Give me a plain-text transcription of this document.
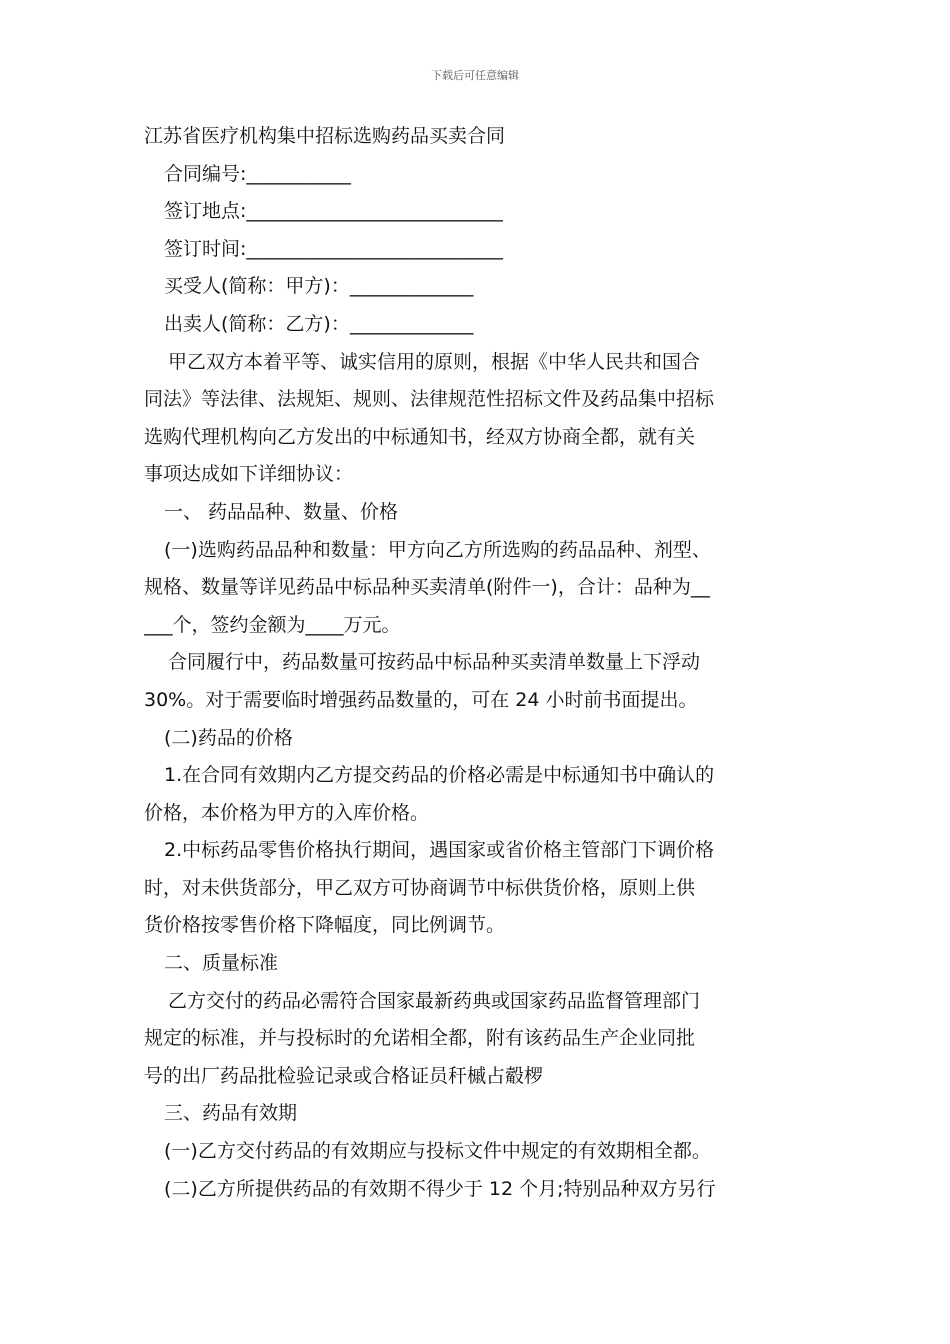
下载后可任意编辑
江苏省医疗机构集中招标选购药品买卖合同
合同编号:___________
签订地点:___________________________
签订时间:___________________________
买受人(简称：甲方)：_____________
出卖人(简称：乙方)：_____________
甲乙双方本着平等、诚实信用的原则，根据《中华人民共和国合
同法》等法律、法规矩、规则、法律规范性招标文件及药品集中招标
选购代理机构向乙方发出的中标通知书，经双方协商全都，就有关
事项达成如下详细协议：
一、 药品品种、数量、价格
(一)选购药品品种和数量：甲方向乙方所选购的药品品种、剂型、
规格、数量等详见药品中标品种买卖清单(附件一)，合计：品种为__
___个，签约金额为____万元。
合同履行中，药品数量可按药品中标品种买卖清单数量上下浮动
30%。对于需要临时增强药品数量的，可在 24 小时前书面提出。
(二)药品的价格
1.在合同有效期内乙方提交药品的价格必需是中标通知书中确认的
价格，本价格为甲方的入库价格。
2.中标药品零售价格执行期间，遇国家或省价格主管部门下调价格
时，对未供货部分，甲乙双方可协商调节中标供货价格，原则上供
货价格按零售价格下降幅度，同比例调节。
二、质量标准
乙方交付的药品必需符合国家最新药典或国家药品监督管理部门
规定的标准，并与投标时的允诺相全都，附有该药品生产企业同批
号的出厂药品批检验记录或合格证员秆槭占觳椤
三、药品有效期
(一)乙方交付药品的有效期应与投标文件中规定的有效期相全都。
(二)乙方所提供药品的有效期不得少于 12 个月;特别品种双方另行
